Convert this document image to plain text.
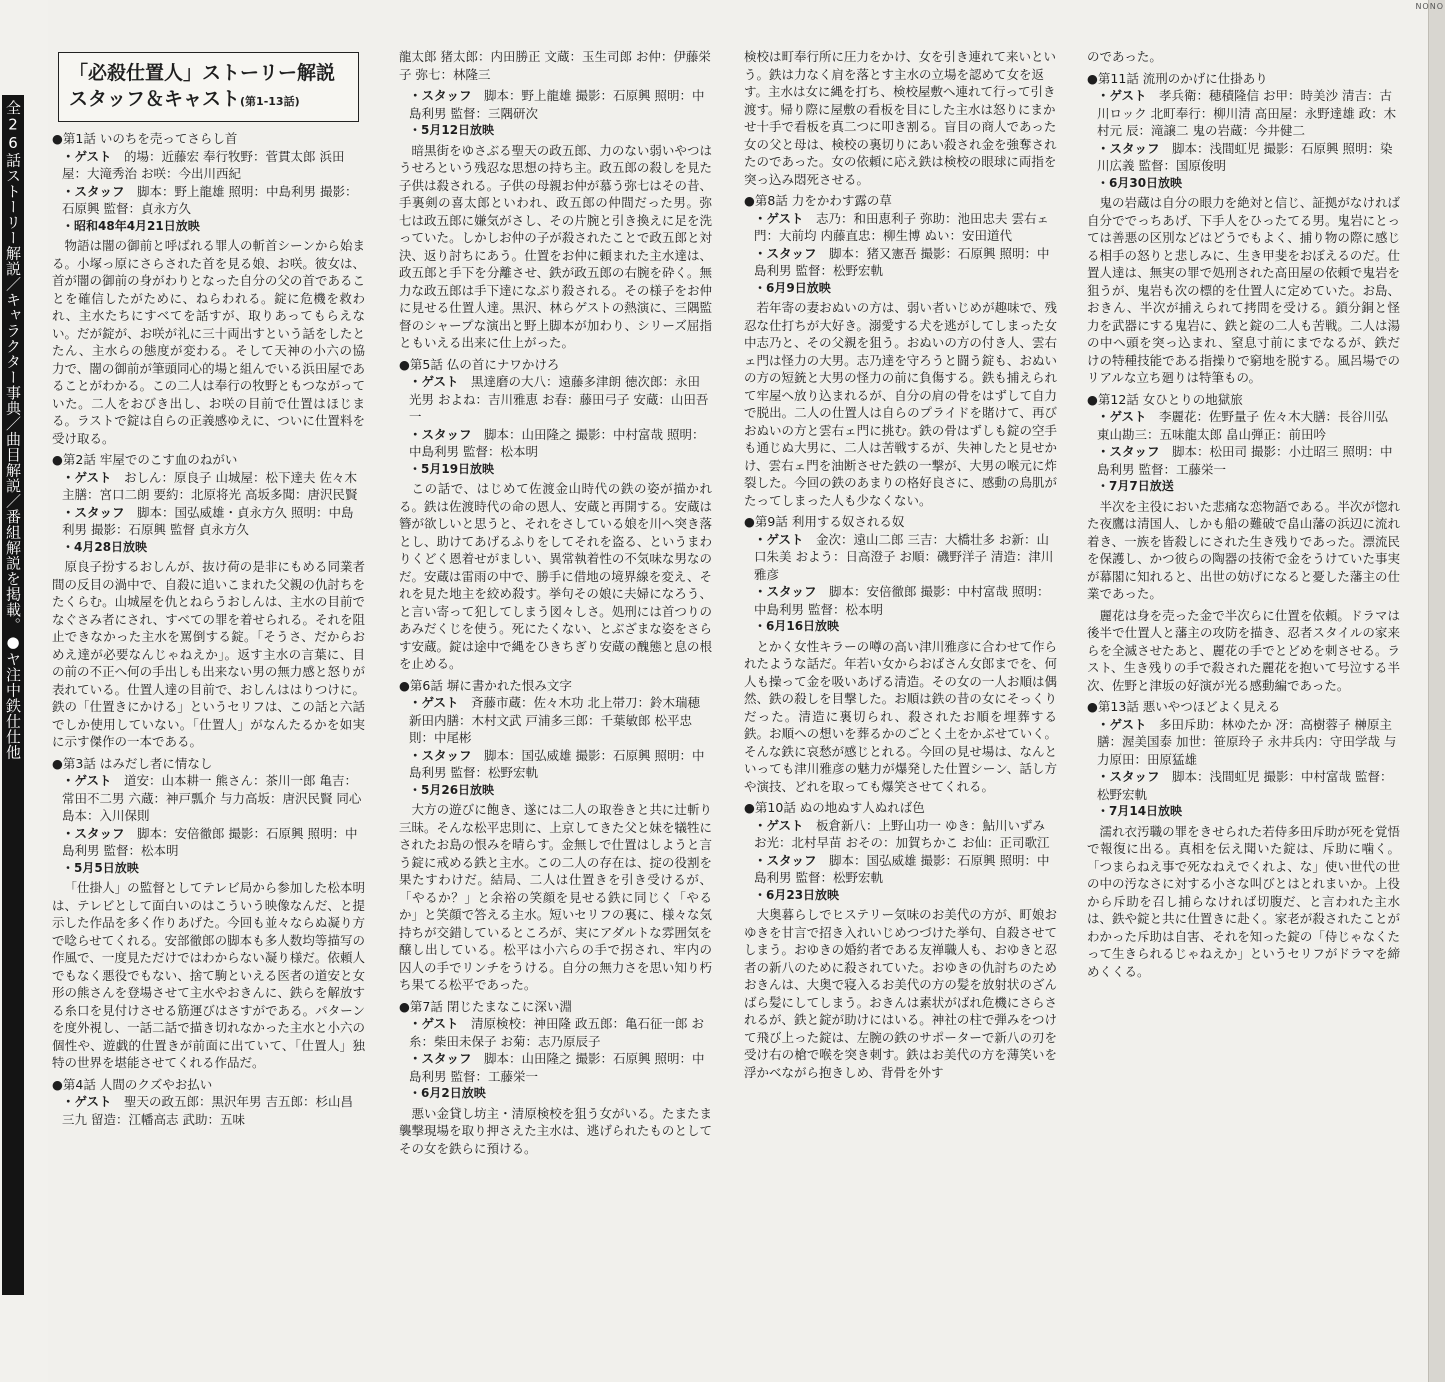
全26話ストーリー解説／キャラクター事典／曲目解説／番組解説を掲載。●ヤ注中鉄仕仕他
NONO
「必殺仕置人」ストーリー解説
スタッフ＆キャスト(第1-13話)
●第1話 いのちを売ってさらし首
・ゲスト　的場：近藤宏 奉行牧野：菅貫太郎 浜田屋：大滝秀治 お咲：今出川西紀
・スタッフ　脚本：野上龍雄 照明：中島利男 撮影：石原興 監督：貞永方久
・昭和48年4月21日放映
物語は闇の御前と呼ばれる罪人の斬首シーンから始まる。小塚っ原にさらされた首を見る娘、お咲。彼女は、首が闇の御前の身がわりとなった自分の父の首であることを確信したがために、ねらわれる。錠に危機を救われ、主水たちにすべてを話すが、取りあってもらえない。だが錠が、お咲が礼に三十両出すという話をしたとたん、主水らの態度が変わる。そして天神の小六の協力で、闇の御前が筆頭同心的場と組んでいる浜田屋であることがわかる。この二人は奉行の牧野ともつながっていた。二人をおびき出し、お咲の目前で仕置はほじまる。ラストで錠は自らの正義感ゆえに、ついに仕置料を受け取る。
●第2話 牢屋でのこす血のねがい
・ゲスト　おしん：原良子 山城屋：松下達夫 佐々木主膳：宮口二朗 要約：北原将光 高坂多聞：唐沢民賢
・スタッフ　脚本：国弘威雄・貞永方久 照明：中島利男 撮影：石原興 監督 貞永方久
・4月28日放映
原良子扮するおしんが、抜け荷の是非にもめる同業者間の反目の渦中で、自殺に追いこまれた父親の仇討ちをたくらむ。山城屋を仇とねらうおしんは、主水の目前でなぐさみ者にされ、すべての罪を着せられる。それを阻止できなかった主水を罵倒する錠。「そうさ、だからおめえ達が必要なんじゃねえか」。返す主水の言葉に、目の前の不正へ何の手出しも出来ない男の無力感と怒りが表れている。仕置人達の目前で、おしんははりつけに。鉄の「仕置きにかける」というセリフは、この話と六話でしか使用していない。「仕置人」がなんたるかを如実に示す傑作の一本である。
●第3話 はみだし者に情なし
・ゲスト　道安：山本耕一 熊さん：茶川一郎 亀吉：常田不二男 六蔵：神戸瓢介 与力高坂：唐沢民賢 同心島本：入川保則
・スタッフ　脚本：安倍徹郎 撮影：石原興 照明：中島利男 監督：松本明
・5月5日放映
「仕掛人」の監督としてテレビ局から参加した松本明は、テレビとして面白いのはこういう映像なんだ、と提示した作品を多く作りあげた。今回も並々ならぬ凝り方で唸らせてくれる。安部徹郎の脚本も多人数均等描写の作風で、一度見ただけではわからない凝り様だ。依頼人でもなく悪役でもない、捨て駒といえる医者の道安と女形の熊さんを登場させて主水やおきんに、鉄らを解放する糸口を見付けさせる筋運びはさすがである。パターンを度外視し、一話二話で描き切れなかった主水と小六の個性や、遊戯的仕置きが前面に出ていて、「仕置人」独特の世界を堪能させてくれる作品だ。
●第4話 人間のクズやお払い
・ゲスト　聖天の政五郎：黒沢年男 吉五郎：杉山昌三九 留造：江幡高志 武助：五味
龍太郎 猪太郎：内田勝正 文蔵：玉生司郎 お仲：伊藤栄子 弥七：林隆三
・スタッフ　脚本：野上龍雄 撮影：石原興 照明：中島利男 監督：三隅研次
・5月12日放映
暗黒街をゆさぶる聖天の政五郎、力のない弱いやつはうせろという残忍な思想の持ち主。政五郎の殺しを見た子供は殺される。子供の母親お仲が慕う弥七はその昔、手裏剣の喜太郎といわれ、政五郎の仲間だった男。弥七は政五郎に嫌気がさし、その片腕と引き換えに足を洗っていた。しかしお仲の子が殺されたことで政五郎と対決、返り討ちにあう。仕置をお仲に頼まれた主水達は、政五郎と手下を分離させ、鉄が政五郎の右腕を砕く。無力な政五郎は手下達になぶり殺される。その様子をお仲に見せる仕置人達。黒沢、林らゲストの熱演に、三隅監督のシャープな演出と野上脚本が加わり、シリーズ屈指ともいえる出来に仕上がった。
●第5話 仏の首にナワかけろ
・ゲスト　黒達磨の大八：遠藤多津朗 徳次郎：永田光男 およね：吉川雅恵 お春：藤田弓子 安蔵：山田吾一
・スタッフ　脚本：山田隆之 撮影：中村富哉 照明：中島利男 監督：松本明
・5月19日放映
この話で、はじめて佐渡金山時代の鉄の姿が描かれる。鉄は佐渡時代の命の恩人、安蔵と再開する。安蔵は簪が欲しいと思うと、それをさしている娘を川へ突き落とし、助けてあげるふりをしてそれを盗る、というまわりくどく恩着せがましい、異常執着性の不気味な男なのだ。安蔵は雷雨の中で、勝手に借地の境界線を変え、それを見た地主を絞め殺す。挙句その娘に夫婦になろう、と言い寄って犯してしまう図々しさ。処刑には首つりのあみだくじを使う。死にたくない、とぶざまな姿をさらす安蔵。錠は途中で縄をひきちぎり安蔵の醜態と息の根を止める。
●第6話 塀に書かれた恨み文字
・ゲスト　斉藤市蔵：佐々木功 北上帯刀：鈴木瑞穂 新田内膳：木村文武 戸浦多三郎：千葉敏郎 松平忠則：中尾彬
・スタッフ　脚本：国弘威雄 撮影：石原興 照明：中島利男 監督：松野宏軌
・5月26日放映
大方の遊びに飽き、遂には二人の取巻きと共に辻斬り三昧。そんな松平忠則に、上京してきた父と妹を犠牲にされたお島の恨みを晴らす。金無しで仕置はしようと言う錠に戒める鉄と主水。この二人の存在は、掟の役割を果たすわけだ。結局、二人は仕置きを引き受けるが、「やるか？」と余裕の笑顔を見せる鉄に同じく「やるか」と笑顔で答える主水。短いセリフの裏に、様々な気持ちが交錯しているところが、実にアダルトな雰囲気を醸し出している。松平は小六らの手で拐され、牢内の囚人の手でリンチをうける。自分の無力さを思い知り朽ち果てる松平であった。
●第7話 閉じたまなこに深い淵
・ゲスト　清原検校：神田隆 政五郎：亀石征一郎 お糸：柴田未保子 お菊：志乃原辰子
・スタッフ　脚本：山田隆之 撮影：石原興 照明：中島利男 監督：工藤栄一
・6月2日放映
悪い金貸し坊主・清原検校を狙う女がいる。たまたま襲撃現場を取り押さえた主水は、逃げられたものとしてその女を鉄らに預ける。
検校は町奉行所に圧力をかけ、女を引き連れて来いという。鉄は力なく肩を落とす主水の立場を認めて女を返す。主水は女に縄を打ち、検校屋敷へ連れて行って引き渡す。帰り際に屋敷の看板を目にした主水は怒りにまかせ十手で看板を真二つに叩き割る。盲目の商人であった女の父と母は、検校の裏切りにあい殺され金を強奪されたのであった。女の依頼に応え鉄は検校の眼球に両指を突っ込み悶死させる。
●第8話 力をかわす露の草
・ゲスト　志乃：和田恵利子 弥助：池田忠夫 雲右ェ門：大前均 内藤直忠：柳生博 ぬい：安田道代
・スタッフ　脚本：猪又憲吾 撮影：石原興 照明：中島利男 監督：松野宏軌
・6月9日放映
若年寄の妻おぬいの方は、弱い者いじめが趣味で、残忍な仕打ちが大好き。溺愛する犬を逃がしてしまった女中志乃と、その父親を狙う。おぬいの方の付き人、雲右ェ門は怪力の大男。志乃達を守ろうと闘う錠も、おぬいの方の短銃と大男の怪力の前に負傷する。鉄も捕えられて牢屋へ放り込まれるが、自分の肩の骨をはずして自力で脱出。二人の仕置人は自らのプライドを賭けて、再びおぬいの方と雲右ェ門に挑む。鉄の骨はずしも錠の空手も通じぬ大男に、二人は苦戦するが、失神したと見せかけ、雲右ェ門を油断させた鉄の一撃が、大男の喉元に炸裂した。今回の鉄のあまりの格好良さに、感動の鳥肌がたってしまった人も少なくない。
●第9話 利用する奴される奴
・ゲスト　金次：遠山二郎 三吉：大橋壮多 お新：山口朱美 およう：日高澄子 お順：磯野洋子 清造：津川雅彦
・スタッフ　脚本：安倍徹郎 撮影：中村富哉 照明：中島利男 監督：松本明
・6月16日放映
とかく女性キラーの噂の高い津川雅彦に合わせて作られたような話だ。年若い女からおばさん女郎までを、何人も操って金を吸いあげる清造。その女の一人お順は偶然、鉄の殺しを目撃した。お順は鉄の昔の女にそっくりだった。清造に裏切られ、殺されたお順を埋葬する鉄。お順への想いを葬るかのごとく土をかぶせていく。そんな鉄に哀愁が感じとれる。今回の見せ場は、なんといっても津川雅彦の魅力が爆発した仕置シーン、話し方や演技、どれを取っても爆笑させてくれる。
●第10話 ぬの地ぬす人ぬれば色
・ゲスト　板倉新八：上野山功一 ゆき：鮎川いずみ お光：北村早苗 おその：加賀ちかこ お仙：正司歌江
・スタッフ　脚本：国弘威雄 撮影：石原興 照明：中島利男 監督：松野宏軌
・6月23日放映
大奥暮らしでヒステリー気味のお美代の方が、町娘おゆきを甘言で招き入れいじめつづけた挙句、自殺させてしまう。おゆきの婚約者である友禅職人も、おゆきと忍者の新八のために殺されていた。おゆきの仇討ちのためおきんは、大奥で寝入るお美代の方の髪を放射状のざんばら髪にしてしまう。おきんは素状がばれ危機にさらされるが、鉄と錠が助けにはいる。神社の柱で弾みをつけて飛び上った錠は、左腕の鉄のサポーターで新八の刃を受け右の槍で喉を突き刺す。鉄はお美代の方を薄笑いを浮かべながら抱きしめ、背骨を外す
のであった。
●第11話 流刑のかげに仕掛あり
・ゲスト　孝兵衛：穂積隆信 お甲：時美沙 清吉：古川ロック 北町奉行：柳川清 高田屋：永野達雄 政：木村元 辰：滝譲二 鬼の岩蔵：今井健二
・スタッフ　脚本：浅間虹児 撮影：石原興 照明：染川広義 監督：国原俊明
・6月30日放映
鬼の岩蔵は自分の眼力を絶対と信じ、証拠がなければ自分ででっちあげ、下手人をひったてる男。鬼岩にとっては善悪の区別などはどうでもよく、捕り物の際に感じる相手の怒りと悲しみに、生き甲斐をおぼえるのだ。仕置人達は、無実の罪で処刑された高田屋の依頼で鬼岩を狙うが、鬼岩も次の標的を仕置人に定めていた。お島、おきん、半次が捕えられて拷問を受ける。鎖分銅と怪力を武器にする鬼岩に、鉄と錠の二人も苦戦。二人は湯の中へ頭を突っ込まれ、窒息寸前にまでなるが、鉄だけの特種技能である指操りで窮地を脱する。風呂場でのリアルな立ち廻りは特筆もの。
●第12話 女ひとりの地獄旅
・ゲスト　李麗花：佐野量子 佐々木大膳：長谷川弘 東山勘三：五味龍太郎 畠山弾正：前田吟
・スタッフ　脚本：松田司 撮影：小辻昭三 照明：中島利男 監督：工藤栄一
・7月7日放送
半次を主役においた悲痛な恋物語である。半次が惚れた夜鷹は清国人、しかも船の難破で畠山藩の浜辺に流れ着き、一族を皆殺しにされた生き残りであった。漂流民を保護し、かつ彼らの陶器の技術で金をうけていた事実が幕閣に知れると、出世の妨げになると憂した藩主の仕業であった。
麗花は身を売った金で半次らに仕置を依頼。ドラマは後半で仕置人と藩主の攻防を描き、忍者スタイルの家来らを全滅させたあと、麗花の手でとどめを刺させる。ラスト、生き残りの手で殺された麗花を抱いて号泣する半次、佐野と津坂の好演が光る感動編であった。
●第13話 悪いやつほどよく見える
・ゲスト　多田斥助：林ゆたか 冴：高樹蓉子 榊原主膳：渥美国泰 加世：笹原玲子 永井兵内：守田学哉 与力原田：田原猛雄
・スタッフ　脚本：浅間虹児 撮影：中村富哉 監督：松野宏軌
・7月14日放映
濡れ衣汚職の罪をきせられた若侍多田斥助が死を覚悟で報復に出る。真相を伝え聞いた錠は、斥助に噛く。「つまらねえ事で死なねえでくれよ、な」使い世代の世の中の汚なさに対する小さな叫びとはとれまいか。上役から斥助を召し捕らなければ切腹だ、と言われた主水は、鉄や錠と共に仕置きに赴く。家老が殺されたことがわかった斥助は自害、それを知った錠の「侍じゃなくたって生きられるじゃねえか」というセリフがドラマを締めくくる。
